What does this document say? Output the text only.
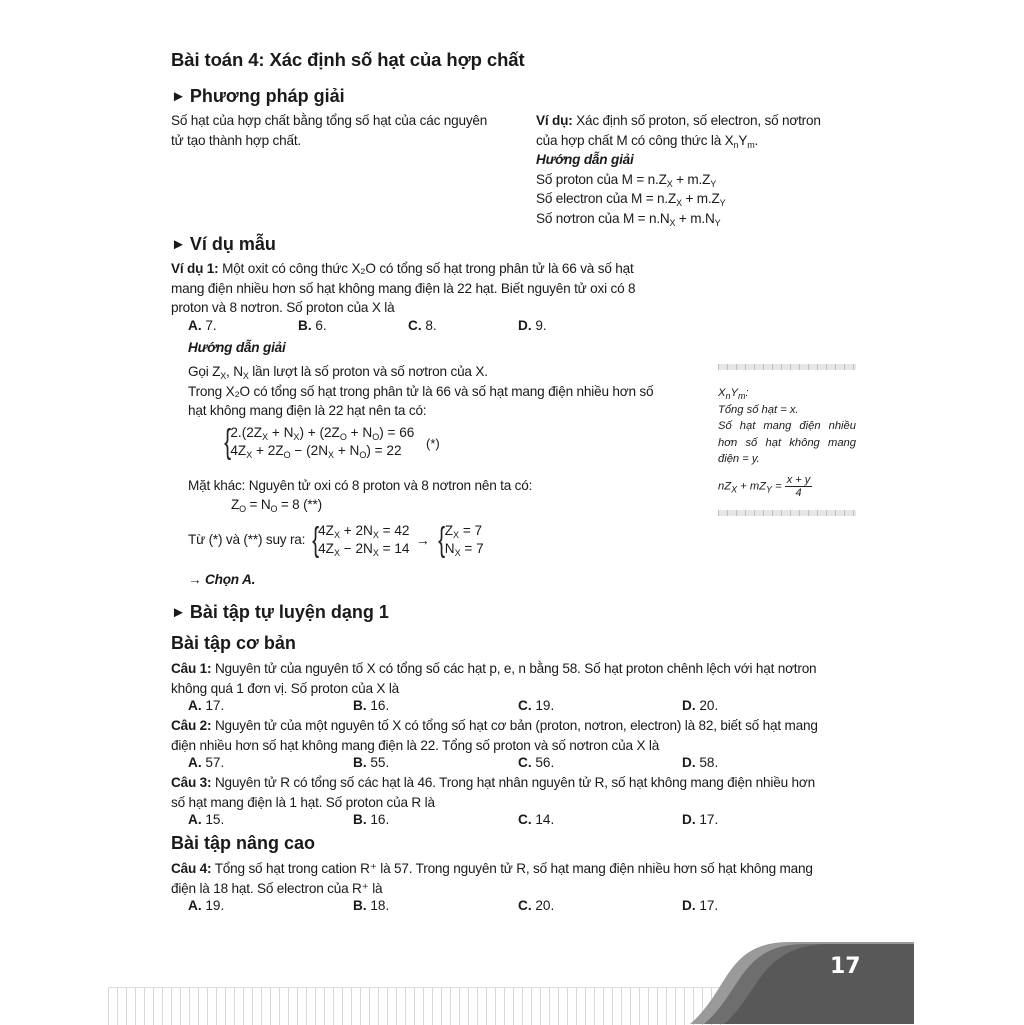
Bài toán 4: Xác định số hạt của hợp chất
► Phương pháp giải
Số hạt của hợp chất bằng tổng số hạt của các nguyên
tử tạo thành hợp chất.
Ví dụ: Xác định số proton, số electron, số nơtron
của hợp chất M có công thức là $X_nY_m$.
Hướng dẫn giải
Số proton của $M = n.Z_X + m.Z_Y$
Số electron của $M = n.Z_X + m.Z_Y$
Số nơtron của $M = n.N_X + m.N_Y$
► Ví dụ mẫu
Ví dụ 1: Một oxit có công thức X₂O có tổng số hạt trong phân tử là 66 và số hạt
mang điện nhiều hơn số hạt không mang điện là 22 hạt. Biết nguyên tử oxi có 8
proton và 8 nơtron. Số proton của X là
A. 7.	B. 6.	C. 8.	D. 9.
Hướng dẫn giải
Gọi $Z_X$, $N_X$ lần lượt là số proton và số nơtron của X.
Trong X₂O có tổng số hạt trong phân tử là 66 và số hạt mang điện nhiều hơn số
hạt không mang điện là 22 hạt nên ta có:
{ $2.(2Z_X + N_X) + (2Z_O + N_O) = 66$
$4Z_X + 2Z_O - (2N_X + N_O) = 22$	(*)
Mặt khác: Nguyên tử oxi có 8 proton và 8 nơtron nên ta có:
$Z_O = N_O = 8$ (**)
Từ (*) và (**) suy ra: { $4Z_X + 2N_X = 42$
$4Z_X - 2N_X = 14$
→ { $Z_X = 7$
$N_X = 7$
→ Chọn A.
$X_nY_m$:
Tổng số hạt = x.
Số hạt mang điện nhiều hơn số hạt không mang điện = y.
$nZ_X + mZ_Y = \frac{x + y}{4}$
► Bài tập tự luyện dạng 1
Bài tập cơ bản
Câu 1: Nguyên tử của nguyên tố X có tổng số các hạt p, e, n bằng 58. Số hạt proton chênh lệch với hạt nơtron
không quá 1 đơn vị. Số proton của X là
A. 17.	B. 16.	C. 19.	D. 20.
Câu 2: Nguyên tử của một nguyên tố X có tổng số hạt cơ bản (proton, nơtron, electron) là 82, biết số hạt mang
điện nhiều hơn số hạt không mang điện là 22. Tổng số proton và số nơtron của X là
A. 57.	B. 55.	C. 56.	D. 58.
Câu 3: Nguyên tử R có tổng số các hạt là 46. Trong hạt nhân nguyên tử R, số hạt không mang điện nhiều hơn
số hạt mang điện là 1 hạt. Số proton của R là
A. 15.	B. 16.	C. 14.	D. 17.
Bài tập nâng cao
Câu 4: Tổng số hạt trong cation R⁺ là 57. Trong nguyên tử R, số hạt mang điện nhiều hơn số hạt không mang
điện là 18 hạt. Số electron của R⁺ là
A. 19.	B. 18.	C. 20.	D. 17.
17
